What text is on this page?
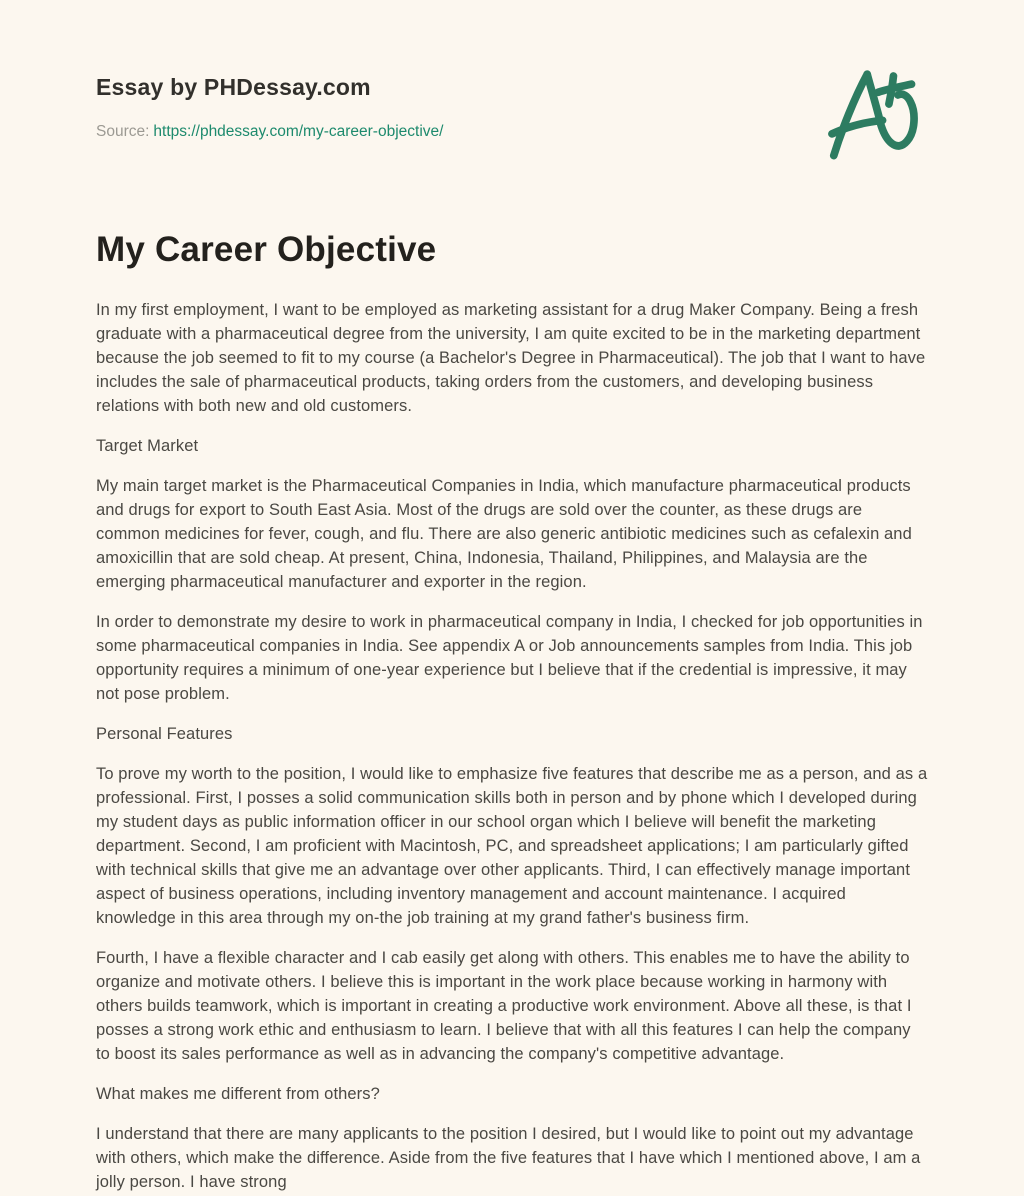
Essay by PHDessay.com
Source: https://phdessay.com/my-career-objective/
My Career Objective

In my first employment, I want to be employed as marketing assistant for a drug Maker Company. Being a fresh graduate with a pharmaceutical degree from the university, I am quite excited to be in the marketing department because the job seemed to fit to my course (a Bachelor's Degree in Pharmaceutical). The job that I want to have includes the sale of pharmaceutical products, taking orders from the customers, and developing business relations with both new and old customers.

Target Market

My main target market is the Pharmaceutical Companies in India, which manufacture pharmaceutical products and drugs for export to South East Asia. Most of the drugs are sold over the counter, as these drugs are common medicines for fever, cough, and flu. There are also generic antibiotic medicines such as cefalexin and amoxicillin that are sold cheap. At present, China, Indonesia, Thailand, Philippines, and Malaysia are the emerging pharmaceutical manufacturer and exporter in the region.

In order to demonstrate my desire to work in pharmaceutical company in India, I checked for job opportunities in some pharmaceutical companies in India. See appendix A or Job announcements samples from India. This job opportunity requires a minimum of one-year experience but I believe that if the credential is impressive, it may not pose problem.

Personal Features

To prove my worth to the position, I would like to emphasize five features that describe me as a person, and as a professional. First, I posses a solid communication skills both in person and by phone which I developed during my student days as public information officer in our school organ which I believe will benefit the marketing department. Second, I am proficient with Macintosh, PC, and spreadsheet applications; I am particularly gifted with technical skills that give me an advantage over other applicants. Third, I can effectively manage important aspect of business operations, including inventory management and account maintenance. I acquired knowledge in this area through my on-the job training at my grand father's business firm.

Fourth, I have a flexible character and I cab easily get along with others. This enables me to have the ability to organize and motivate others. I believe this is important in the work place because working in harmony with others builds teamwork, which is important in creating a productive work environment. Above all these, is that I posses a strong work ethic and enthusiasm to learn. I believe that with all this features I can help the company to boost its sales performance as well as in advancing the company's competitive advantage.

What makes me different from others?

I understand that there are many applicants to the position I desired, but I would like to point out my advantage with others, which make the difference. Aside from the five features that I have which I mentioned above, I am a jolly person. I have strong
